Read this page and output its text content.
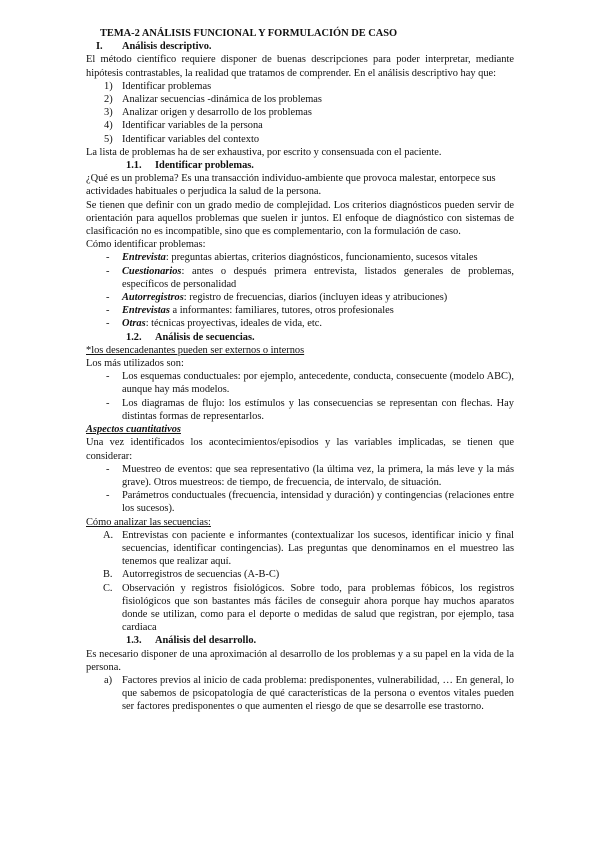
TEMA-2 ANÁLISIS FUNCIONAL Y FORMULACIÓN DE CASO

I. Análisis descriptivo.

El método científico requiere disponer de buenas descripciones para poder interpretar, mediante hipótesis contrastables, la realidad que tratamos de comprender. En el análisis descriptivo hay que:

1) Identificar problemas
2) Analizar secuencias -dinámica de los problemas
3) Analizar origen y desarrollo de los problemas
4) Identificar variables de la persona
5) Identificar variables del contexto

La lista de problemas ha de ser exhaustiva, por escrito y consensuada con el paciente.

1.1. Identificar problemas.

¿Qué es un problema? Es una transacción individuo-ambiente que provoca malestar, entorpece sus actividades habituales o perjudica la salud de la persona.

Se tienen que definir con un grado medio de complejidad. Los criterios diagnósticos pueden servir de orientación para aquellos problemas que suelen ir juntos. El enfoque de diagnóstico con sistemas de clasificación no es incompatible, sino que es complementario, con la formulación de caso.

Cómo identificar problemas:

- Entrevista: preguntas abiertas, criterios diagnósticos, funcionamiento, sucesos vitales
- Cuestionarios: antes o después primera entrevista, listados generales de problemas, específicos de personalidad
- Autorregistros: registro de frecuencias, diarios (incluyen ideas y atribuciones)
- Entrevistas a informantes: familiares, tutores, otros profesionales
- Otras: técnicas proyectivas, ideales de vida, etc.

1.2. Análisis de secuencias.

*los desencadenantes pueden ser externos o internos

Los más utilizados son:

- Los esquemas conductuales: por ejemplo, antecedente, conducta, consecuente (modelo ABC), aunque hay más modelos.
- Los diagramas de flujo: los estímulos y las consecuencias se representan con flechas. Hay distintas formas de representarlos.

Aspectos cuantitativos

Una vez identificados los acontecimientos/episodios y las variables implicadas, se tienen que considerar:

- Muestreo de eventos: que sea representativo (la última vez, la primera, la más leve y la más grave). Otros muestreos: de tiempo, de frecuencia, de intervalo, de situación.
- Parámetros conductuales (frecuencia, intensidad y duración) y contingencias (relaciones entre los sucesos).

Cómo analizar las secuencias:

A. Entrevistas con paciente e informantes (contextualizar los sucesos, identificar inicio y final secuencias, identificar contingencias). Las preguntas que denominamos en el muestreo las tenemos que realizar aquí.
B. Autorregistros de secuencias (A-B-C)
C. Observación y registros fisiológicos. Sobre todo, para problemas fóbicos, los registros fisiológicos que son bastantes más fáciles de conseguir ahora porque hay muchos aparatos donde se utilizan, como para el deporte o medidas de salud que registran, por ejemplo, tasa cardiaca

1.3. Análisis del desarrollo.

Es necesario disponer de una aproximación al desarrollo de los problemas y a su papel en la vida de la persona.

a) Factores previos al inicio de cada problema: predisponentes, vulnerabilidad, … En general, lo que sabemos de psicopatología de qué características de la persona o eventos vitales pueden ser factores predisponentes o que aumenten el riesgo de que se desarrolle ese trastorno.
